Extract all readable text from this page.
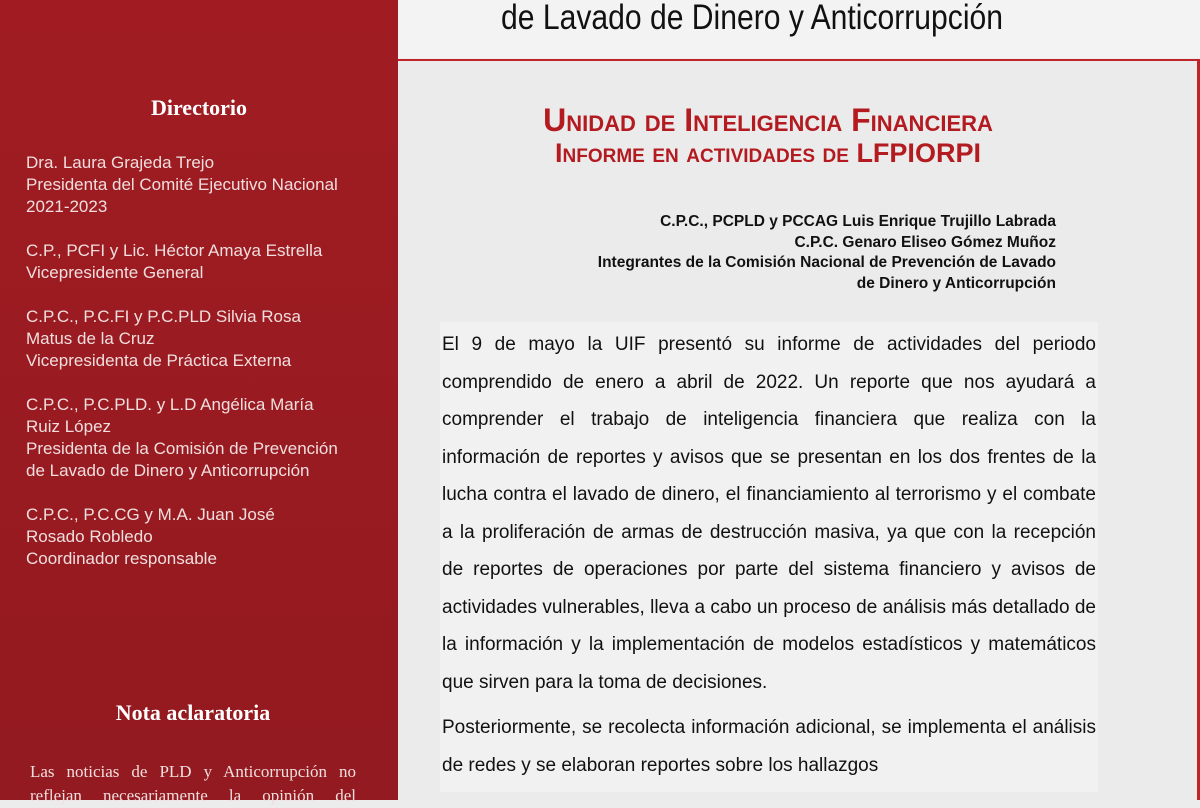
Directorio

Dra. Laura Grajeda Trejo
Presidenta del Comité Ejecutivo Nacional
2021-2023

C.P., PCFI y Lic. Héctor Amaya Estrella
Vicepresidente General

C.P.C., P.C.FI y P.C.PLD Silvia Rosa
Matus de la Cruz
Vicepresidenta de Práctica Externa

C.P.C., P.C.PLD. y L.D Angélica María
Ruiz López
Presidenta de la Comisión de Prevención
de Lavado de Dinero y Anticorrupción

C.P.C., P.C.CG y M.A. Juan José
Rosado Robledo
Coordinador responsable

Nota aclaratoria
Las noticias de PLD y Anticorrupción no reflejan necesariamente la opinión del
de Lavado de Dinero y Anticorrupción
Unidad de Inteligencia Financiera
Informe en actividades de LFPIORPI
C.P.C., PCPLD y PCCAG Luis Enrique Trujillo Labrada
C.P.C. Genaro Eliseo Gómez Muñoz
Integrantes de la Comisión Nacional de Prevención de Lavado
de Dinero y Anticorrupción

El 9 de mayo la UIF presentó su informe de actividades del periodo comprendido de enero a abril de 2022. Un reporte que nos ayudará a comprender el trabajo de inteligencia financiera que realiza con la información de reportes y avisos que se presentan en los dos frentes de la lucha contra el lavado de dinero, el financiamiento al terrorismo y el combate a la proliferación de armas de destrucción masiva, ya que con la recepción de reportes de operaciones por parte del sistema financiero y avisos de actividades vulnerables, lleva a cabo un proceso de análisis más detallado de la información y la implementación de modelos estadísticos y matemáticos que sirven para la toma de decisiones.

Posteriormente, se recolecta información adicional, se implementa el análisis de redes y se elaboran reportes sobre los hallazgos
